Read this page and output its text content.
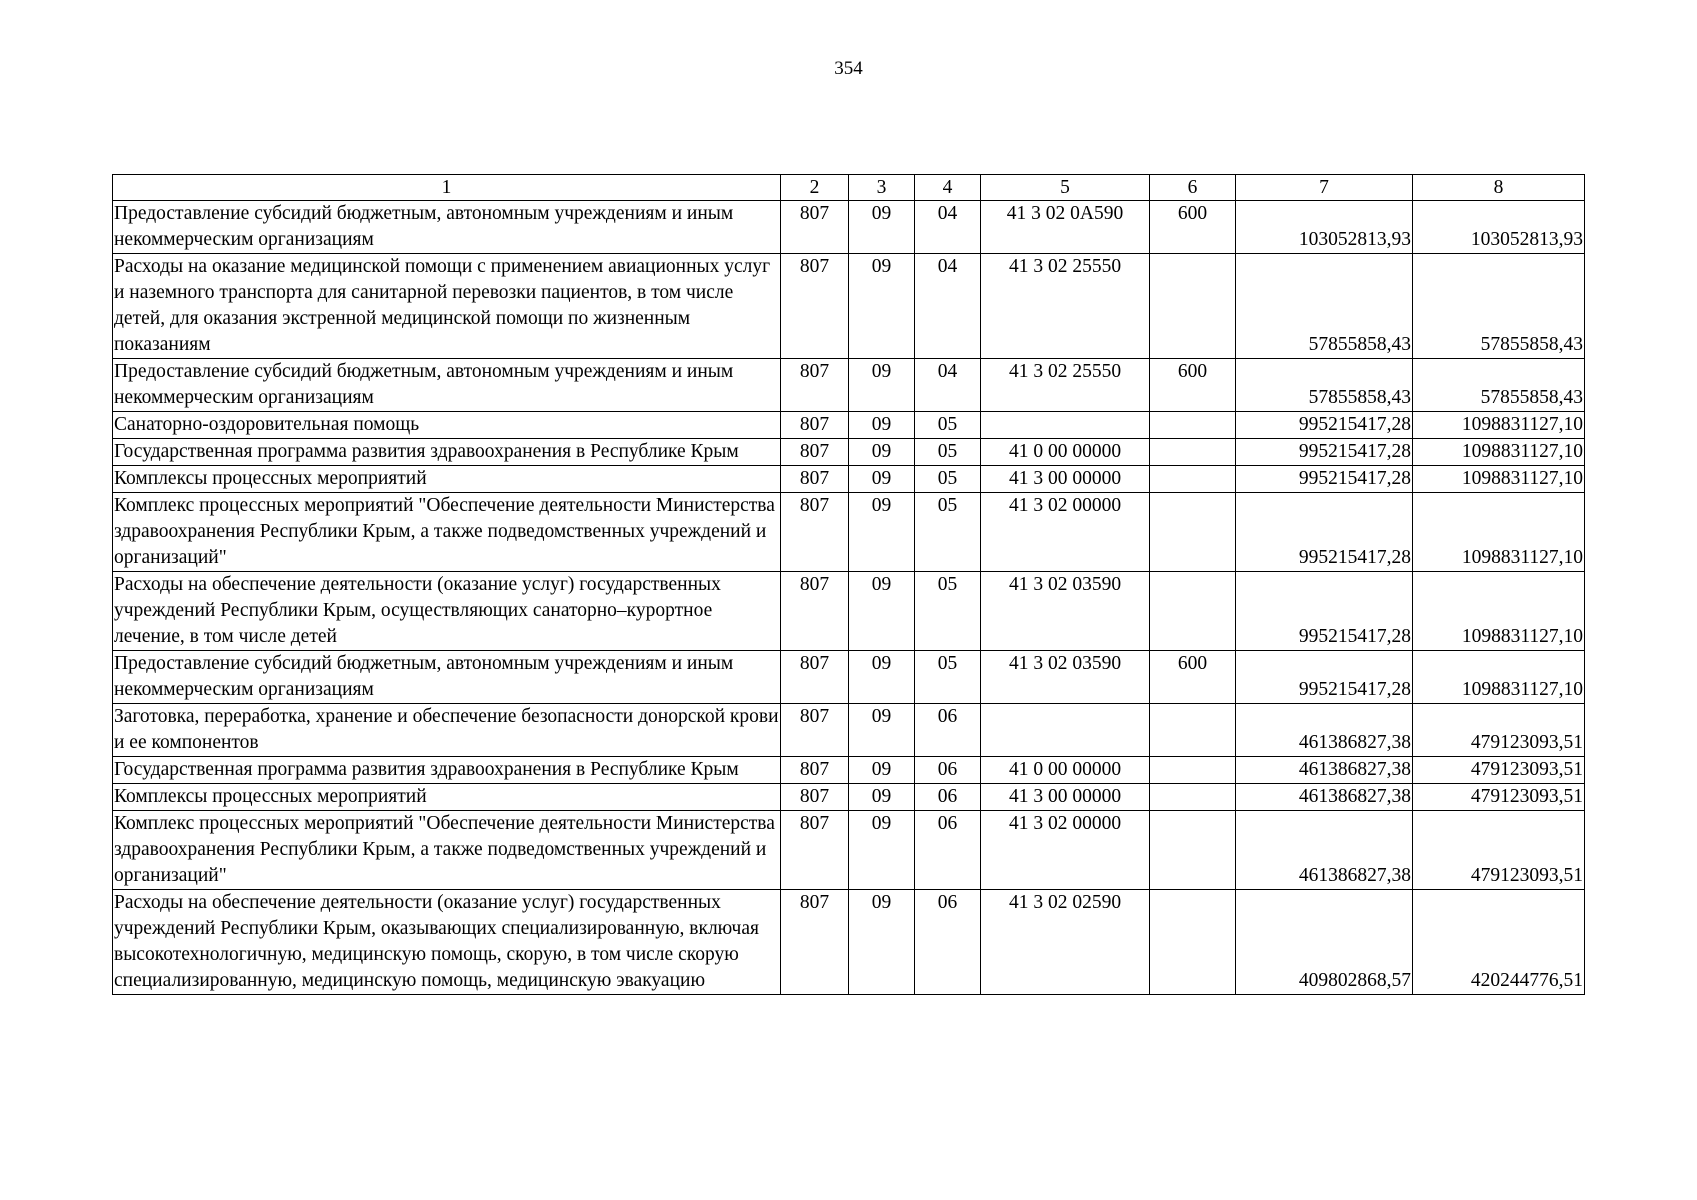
354
1	2	3	4	5	6	7	8
Предоставление субсидий бюджетным, автономным учреждениям и иным некоммерческим организациям	807	09	04	41 3 02 0А590	600	103052813,93	103052813,93
Расходы на оказание медицинской помощи с применением авиационных услуг и наземного транспорта для санитарной перевозки пациентов, в том числе детей, для оказания экстренной медицинской помощи по жизненным показаниям	807	09	04	41 3 02 25550		57855858,43	57855858,43
Предоставление субсидий бюджетным, автономным учреждениям и иным некоммерческим организациям	807	09	04	41 3 02 25550	600	57855858,43	57855858,43
Санаторно-оздоровительная помощь	807	09	05			995215417,28	1098831127,10
Государственная программа развития здравоохранения в Республике Крым	807	09	05	41 0 00 00000		995215417,28	1098831127,10
Комплексы процессных мероприятий	807	09	05	41 3 00 00000		995215417,28	1098831127,10
Комплекс процессных мероприятий "Обеспечение деятельности Министерства здравоохранения Республики Крым, а также подведомственных учреждений и организаций"	807	09	05	41 3 02 00000		995215417,28	1098831127,10
Расходы на обеспечение деятельности (оказание услуг) государственных учреждений Республики Крым, осуществляющих санаторно–курортное лечение, в том числе детей	807	09	05	41 3 02 03590		995215417,28	1098831127,10
Предоставление субсидий бюджетным, автономным учреждениям и иным некоммерческим организациям	807	09	05	41 3 02 03590	600	995215417,28	1098831127,10
Заготовка, переработка, хранение и обеспечение безопасности донорской крови и ее компонентов	807	09	06			461386827,38	479123093,51
Государственная программа развития здравоохранения в Республике Крым	807	09	06	41 0 00 00000		461386827,38	479123093,51
Комплексы процессных мероприятий	807	09	06	41 3 00 00000		461386827,38	479123093,51
Комплекс процессных мероприятий "Обеспечение деятельности Министерства здравоохранения Республики Крым, а также подведомственных учреждений и организаций"	807	09	06	41 3 02 00000		461386827,38	479123093,51
Расходы на обеспечение деятельности (оказание услуг) государственных учреждений Республики Крым, оказывающих специализированную, включая высокотехнологичную, медицинскую помощь, скорую, в том числе скорую специализированную, медицинскую помощь, медицинскую эвакуацию	807	09	06	41 3 02 02590		409802868,57	420244776,51
